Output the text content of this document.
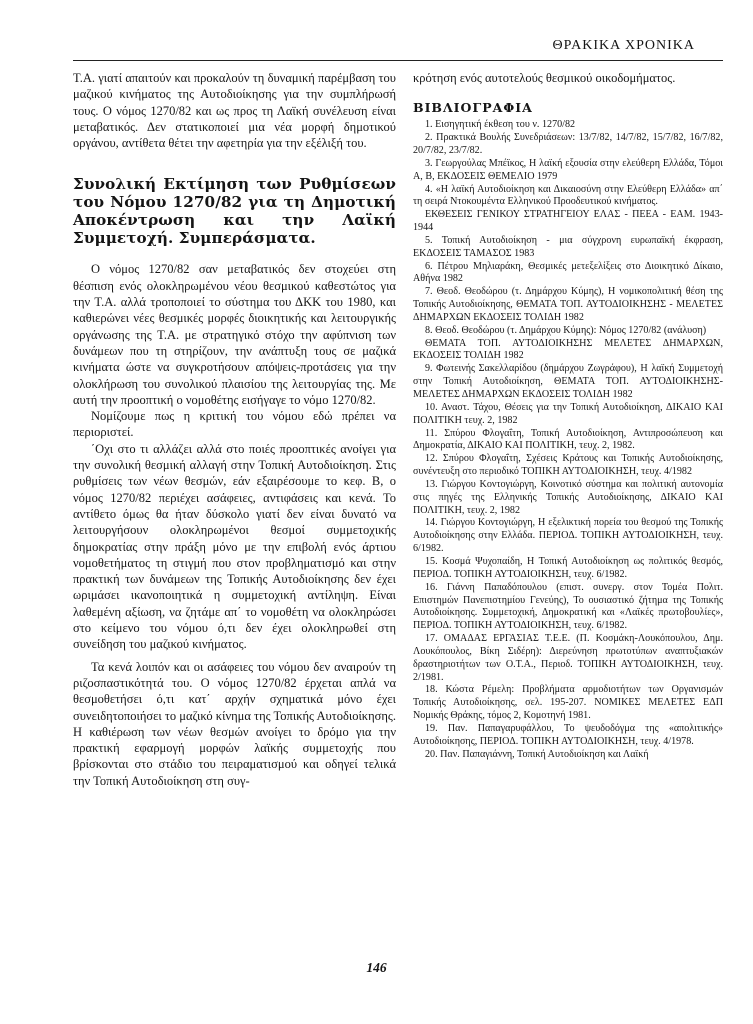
ΘΡΑΚΙΚΑ ΧΡΟΝΙΚΑ

Τ.Α. γιατί απαιτούν και προκαλούν τη δυναμική παρέμβαση του μαζικού κινήματος της Αυτοδιοίκησης για την συμπλήρωσή τους. Ο νόμος 1270/82 και ως προς τη Λαϊκή συνέλευση είναι μεταβατικός. Δεν στατικοποιεί μια νέα μορφή δημοτικού οργάνου, αντίθετα θέτει την αφετηρία για την εξέλιξή του.

Συνολική Εκτίμηση των Ρυθμίσεων του Νόμου 1270/82 για τη Δημοτική Αποκέντρωση και την Λαϊκή Συμμετοχή. Συμπεράσματα.

Ο νόμος 1270/82 σαν μεταβατικός δεν στοχεύει στη θέσπιση ενός ολοκληρωμένου νέου θεσμικού καθεστώτος για την Τ.Α. αλλά τροποποιεί το σύστημα του ΔΚΚ του 1980, και καθιερώνει νέες θεσμικές μορφές διοικητικής και λειτουργικής οργάνωσης της Τ.Α. με στρατηγικό στόχο την αφύπνιση των δυνάμεων που τη στηρίζουν, την ανάπτυξη τους σε μαζικά κινήματα ώστε να συγκροτήσουν απόψεις-προτάσεις για την ολοκλήρωση του συνολικού πλαισίου της λειτουργίας της. Με αυτή την προοπτική ο νομοθέτης εισήγαγε το νόμο 1270/82.

Νομίζουμε πως η κριτική του νόμου εδώ πρέπει να περιοριστεί.

΄Οχι στο τι αλλάζει αλλά στο ποιές προοπτικές ανοίγει για την συνολική θεσμική αλλαγή στην Τοπική Αυτοδιοίκηση. Στις ρυθμίσεις των νέων θεσμών, εάν εξαιρέσουμε το κεφ. Β, ο νόμος 1270/82 περιέχει ασάφειες, αντιφάσεις και κενά. Το αντίθετο όμως θα ήταν δύσκολο γιατί δεν είναι δυνατό να λειτουργήσουν ολοκληρωμένοι θεσμοί συμμετοχικής δημοκρατίας στην πράξη μόνο με την επιβολή ενός άρτιου νομοθετήματος τη στιγμή που στον προβληματισμό και στην πρακτική των δυνάμεων της Τοπικής Αυτοδιοίκησης δεν έχει ωριμάσει ικανοποιητικά η συμμετοχική αντίληψη. Είναι λαθεμένη αξίωση, να ζητάμε απ΄ το νομοθέτη να ολοκληρώσει στο κείμενο του νόμου ό,τι δεν έχει ολοκληρωθεί στη συνείδηση του μαζικού κινήματος.

Τα κενά λοιπόν και οι ασάφειες του νόμου δεν αναιρούν τη ριζοσπαστικότητά του. Ο νόμος 1270/82 έρχεται απλά να θεσμοθετήσει ό,τι κατ΄ αρχήν σχηματικά μόνο έχει συνειδητοποιήσει το μαζικό κίνημα της Τοπικής Αυτοδιοίκησης. Η καθιέρωση των νέων θεσμών ανοίγει το δρόμο για την πρακτική εφαρμογή μορφών λαϊκής συμμετοχής που βρίσκονται στο στάδιο του πειραματισμού και οδηγεί τελικά την Τοπική Αυτοδιοίκηση στη συγ-

κρότηση ενός αυτοτελούς θεσμικού οικοδομήματος.

ΒΙΒΛΙΟΓΡΑΦΙΑ

1. Εισηγητική έκθεση του ν. 1270/82

2. Πρακτικά Βουλής Συνεδριάσεων: 13/7/82, 14/7/82, 15/7/82, 16/7/82, 20/7/82, 23/7/82.

3. Γεωργούλας Μπέϊκος, Η λαϊκή εξουσία στην ελεύθερη Ελλάδα, Τόμοι Α, Β, ΕΚΔΟΣΕΙΣ ΘΕΜΕΛΙΟ 1979

4. «Η λαϊκή Αυτοδιοίκηση και Δικαιοσύνη στην Ελεύθερη Ελλάδα» απ΄ τη σειρά Ντοκουμέντα Ελληνικού Προοδευτικού κινήματος.

ΕΚΘΕΣΕΙΣ ΓΕΝΙΚΟΥ ΣΤΡΑΤΗΓΕΙΟΥ ΕΛΑΣ - ΠΕΕΑ - ΕΑΜ. 1943-1944

5. Τοπική Αυτοδιοίκηση - μια σύγχρονη ευρωπαϊκή έκφραση, ΕΚΔΟΣΕΙΣ ΤΑΜΑΣΟΣ 1983

6. Πέτρου Μηλιαράκη, Θεσμικές μετεξελίξεις στο Διοικητικό Δίκαιο, Αθήνα 1982

7. Θεοδ. Θεοδώρου (τ. Δημάρχου Κύμης), Η νομικοπολιτική θέση της Τοπικής Αυτοδιοίκησης, ΘΕΜΑΤΑ ΤΟΠ. ΑΥΤΟΔΙΟΙΚΗΣΗΣ - ΜΕΛΕΤΕΣ ΔΗΜΑΡΧΩΝ ΕΚΔΟΣΕΙΣ ΤΟΛΙΔΗ 1982

8. Θεοδ. Θεοδώρου (τ. Δημάρχου Κύμης): Νόμος 1270/82 (ανάλυση)

ΘΕΜΑΤΑ ΤΟΠ. ΑΥΤΟΔΙΟΙΚΗΣΗΣ ΜΕΛΕΤΕΣ ΔΗΜΑΡΧΩΝ, ΕΚΔΟΣΕΙΣ ΤΟΛΙΔΗ 1982

9. Φωτεινής Σακελλαρίδου (δημάρχου Ζωγράφου), Η λαϊκή Συμμετοχή στην Τοπική Αυτοδιοίκηση, ΘΕΜΑΤΑ ΤΟΠ. ΑΥΤΟΔΙΟΙΚΗΣΗΣ-ΜΕΛΕΤΕΣ ΔΗΜΑΡΧΩΝ ΕΚΔΟΣΕΙΣ ΤΟΛΙΔΗ 1982

10. Αναστ. Τάχου, Θέσεις για την Τοπική Αυτοδιοίκηση, ΔΙΚΑΙΟ ΚΑΙ ΠΟΛΙΤΙΚΗ τευχ. 2, 1982

11. Σπύρου Φλογαΐτη, Τοπική Αυτοδιοίκηση, Αντιπροσώπευση και Δημοκρατία, ΔΙΚΑΙΟ ΚΑΙ ΠΟΛΙΤΙΚΗ, τευχ. 2, 1982.

12. Σπύρου Φλογαΐτη, Σχέσεις Κράτους και Τοπικής Αυτοδιοίκησης, συνέντευξη στο περιοδικό ΤΟΠΙΚΗ ΑΥΤΟΔΙΟΙΚΗΣΗ, τευχ. 4/1982

13. Γιώργου Κοντογιώργη, Κοινοτικό σύστημα και πολιτική αυτονομία στις πηγές της Ελληνικής Τοπικής Αυτοδιοίκησης, ΔΙΚΑΙΟ ΚΑΙ ΠΟΛΙΤΙΚΗ, τευχ. 2, 1982

14. Γιώργου Κοντογιώργη, Η εξελικτική πορεία του θεσμού της Τοπικής Αυτοδιοίκησης στην Ελλάδα. ΠΕΡΙΟΔ. ΤΟΠΙΚΗ ΑΥΤΟΔΙΟΙΚΗΣΗ, τευχ. 6/1982.

15. Κοσμά Ψυχοπαίδη, Η Τοπική Αυτοδιοίκηση ως πολιτικός θεσμός, ΠΕΡΙΟΔ. ΤΟΠΙΚΗ ΑΥΤΟΔΙΟΙΚΗΣΗ, τευχ. 6/1982.

16. Γιάννη Παπαδόπουλου (επιστ. συνεργ. στον Τομέα Πολιτ. Επιστημών Πανεπιστημίου Γενεύης), Το ουσιαστικό ζήτημα της Τοπικής Αυτοδιοίκησης. Συμμετοχική, Δημοκρατική και «Λαϊκές πρωτοβουλίες», ΠΕΡΙΟΔ. ΤΟΠΙΚΗ ΑΥΤΟΔΙΟΙΚΗΣΗ, τευχ. 6/1982.

17. ΟΜΑΔΑΣ ΕΡΓΑΣΙΑΣ Τ.Ε.Ε. (Π. Κοσμάκη-Λουκόπουλου, Δημ. Λουκόπουλος, Βίκη Σιδέρη): Διερεύνηση πρωτοτύπων αναπτυξιακών δραστηριοτήτων των Ο.Τ.Α., Περιοδ. ΤΟΠΙΚΗ ΑΥΤΟΔΙΟΙΚΗΣΗ, τευχ. 2/1981.

18. Κώστα Ρέμελη: Προβλήματα αρμοδιοτήτων των Οργανισμών Τοπικής Αυτοδιοίκησης, σελ. 195-207. ΝΟΜΙΚΕΣ ΜΕΛΕΤΕΣ ΕΔΠ Νομικής Θράκης, τόμος 2, Κομοτηνή 1981.

19. Παν. Παπαγαρυφάλλου, Το ψευδοδόγμα της «απολιτικής» Αυτοδιοίκησης, ΠΕΡΙΟΔ. ΤΟΠΙΚΗ ΑΥΤΟΔΙΟΙΚΗΣΗ, τευχ. 4/1978.

20. Παν. Παπαγιάννη, Τοπική Αυτοδιοίκηση και Λαϊκή

146
